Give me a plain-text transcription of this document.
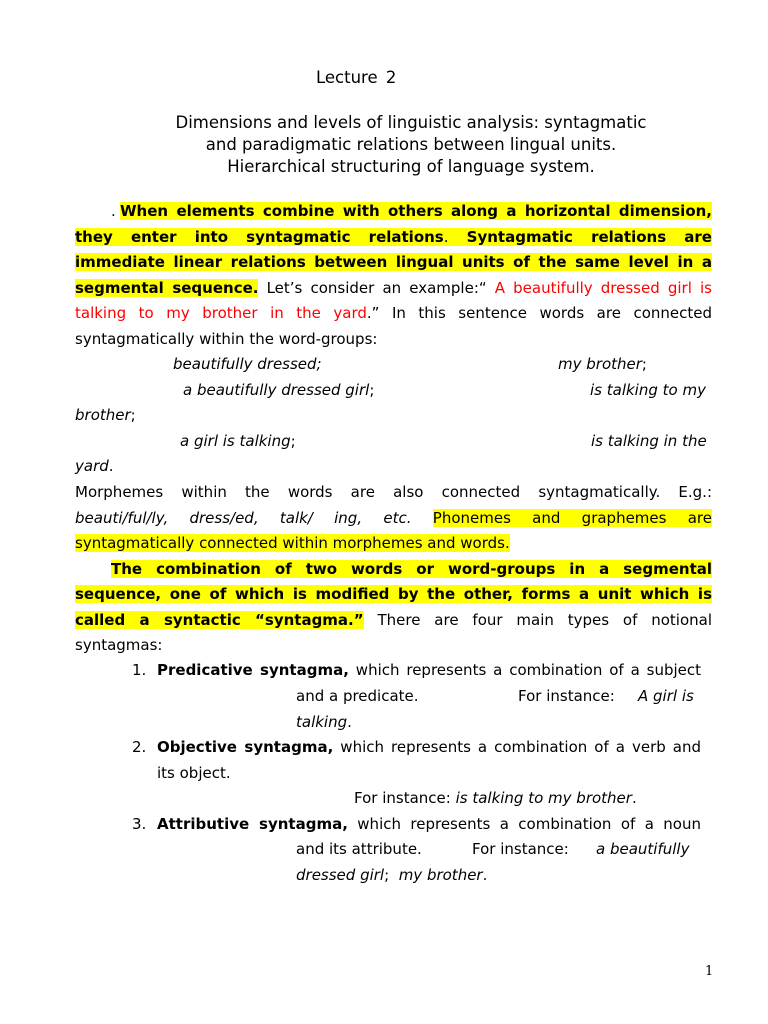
Lecture 2
Dimensions and levels of linguistic analysis: syntagmatic
and paradigmatic relations between lingual units.
Hierarchical structuring of language system.
. When elements combine with others along a horizontal dimension,
they enter into syntagmatic relations. Syntagmatic relations are
immediate linear relations between lingual units of the same level in a
segmental sequence. Let’s consider an example:“ A beautifully dressed girl is
talking to my brother in the yard.” In this sentence words are connected
syntagmatically within the word-groups:
beautifully dressed;	my brother;
a beautifully dressed girl;	is talking to my
brother;
a girl is talking;	is talking in the
yard.
Morphemes within the words are also connected syntagmatically. E.g.:
beauti/ful/ly, dress/ed, talk/ ing, etc. Phonemes and graphemes are
syntagmatically connected within morphemes and words.
The combination of two words or word-groups in a segmental
sequence, one of which is modified by the other, forms a unit which is
called a syntactic “syntagma.” There are four main types of notional
syntagmas:
1. Predicative syntagma, which represents a combination of a subject
and a predicate.	For instance: A girl is
talking.
2. Objective syntagma, which represents a combination of a verb and
its object.
For instance: is talking to my brother.
3. Attributive syntagma, which represents a combination of a noun
and its attribute.	For instance: a beautifully
dressed girl;  my brother.
1
